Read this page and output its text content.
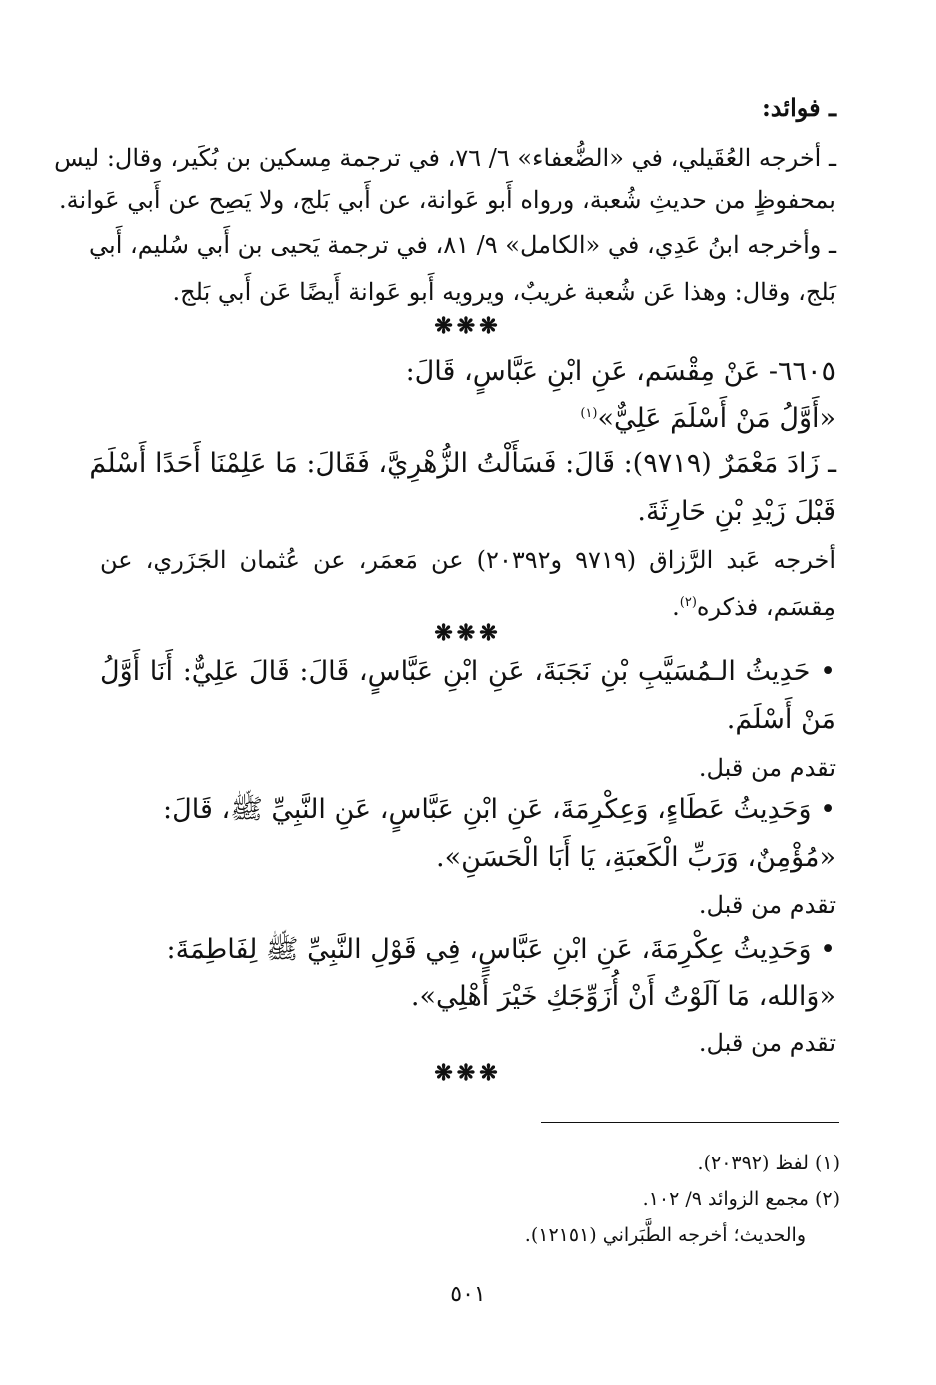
ـ فوائد:
ـ أخرجه العُقَيلي، في «الضُّعفاء» ٦/ ٧٦، في ترجمة مِسكين بن بُكَير، وقال: ليس
بمحفوظٍ من حديثِ شُعبة، ورواه أَبو عَوانة، عن أَبي بَلج، ولا يَصِح عن أَبي عَوانة.
ـ وأخرجه ابنُ عَدِي، في «الكامل» ٩/ ٨١، في ترجمة يَحيى بن أَبي سُليم، أَبي
بَلج، وقال: وهذا عَن شُعبة غريبٌ، ويرويه أَبو عَوانة أَيضًا عَن أَبي بَلج.
❋❋❋
٦٦٠٥- عَنْ مِقْسَم، عَنِ ابْنِ عَبَّاسٍ، قَالَ:
«أَوَّلُ مَنْ أَسْلَمَ عَلِيٌّ»$^{(١)}$
ـ زَادَ مَعْمَرٌ (٩٧١٩): قَالَ: فَسَأَلْتُ الزُّهْرِيَّ، فَقَالَ: مَا عَلِمْنَا أَحَدًا أَسْلَمَ
قَبْلَ زَيْدِ بْنِ حَارِثَةَ.
أخرجه عَبد الرَّزاق (٩٧١٩ و٢٠٣٩٢) عن مَعمَر، عن عُثمان الجَزَري، عن
مِقسَم، فذكره$^{(٢)}$.
❋❋❋
• حَدِيثُ الـمُسَيَّبِ بْنِ نَجَبَةَ، عَنِ ابْنِ عَبَّاسٍ، قَالَ: قَالَ عَلِيٌّ: أَنَا أَوَّلُ
مَنْ أَسْلَمَ.
تقدم من قبل.
• وَحَدِيثُ عَطَاءٍ، وَعِكْرِمَةَ، عَنِ ابْنِ عَبَّاسٍ، عَنِ النَّبِيِّ ﷺ، قَالَ:
«مُؤْمِنٌ، وَرَبِّ الْكَعبَةِ، يَا أَبَا الْحَسَنِ».
تقدم من قبل.
• وَحَدِيثُ عِكْرِمَةَ، عَنِ ابْنِ عَبَّاسٍ، فِي قَوْلِ النَّبِيِّ ﷺ لِفَاطِمَةَ:
«وَالله، مَا آلَوْتُ أَنْ أُزَوِّجَكِ خَيْرَ أَهْلِي».
تقدم من قبل.
❋❋❋
(١) لفظ (٢٠٣٩٢).
(٢) مجمع الزوائد ٩/ ١٠٢.
والحديث؛ أخرجه الطَّبَراني (١٢١٥١).
٥٠١
